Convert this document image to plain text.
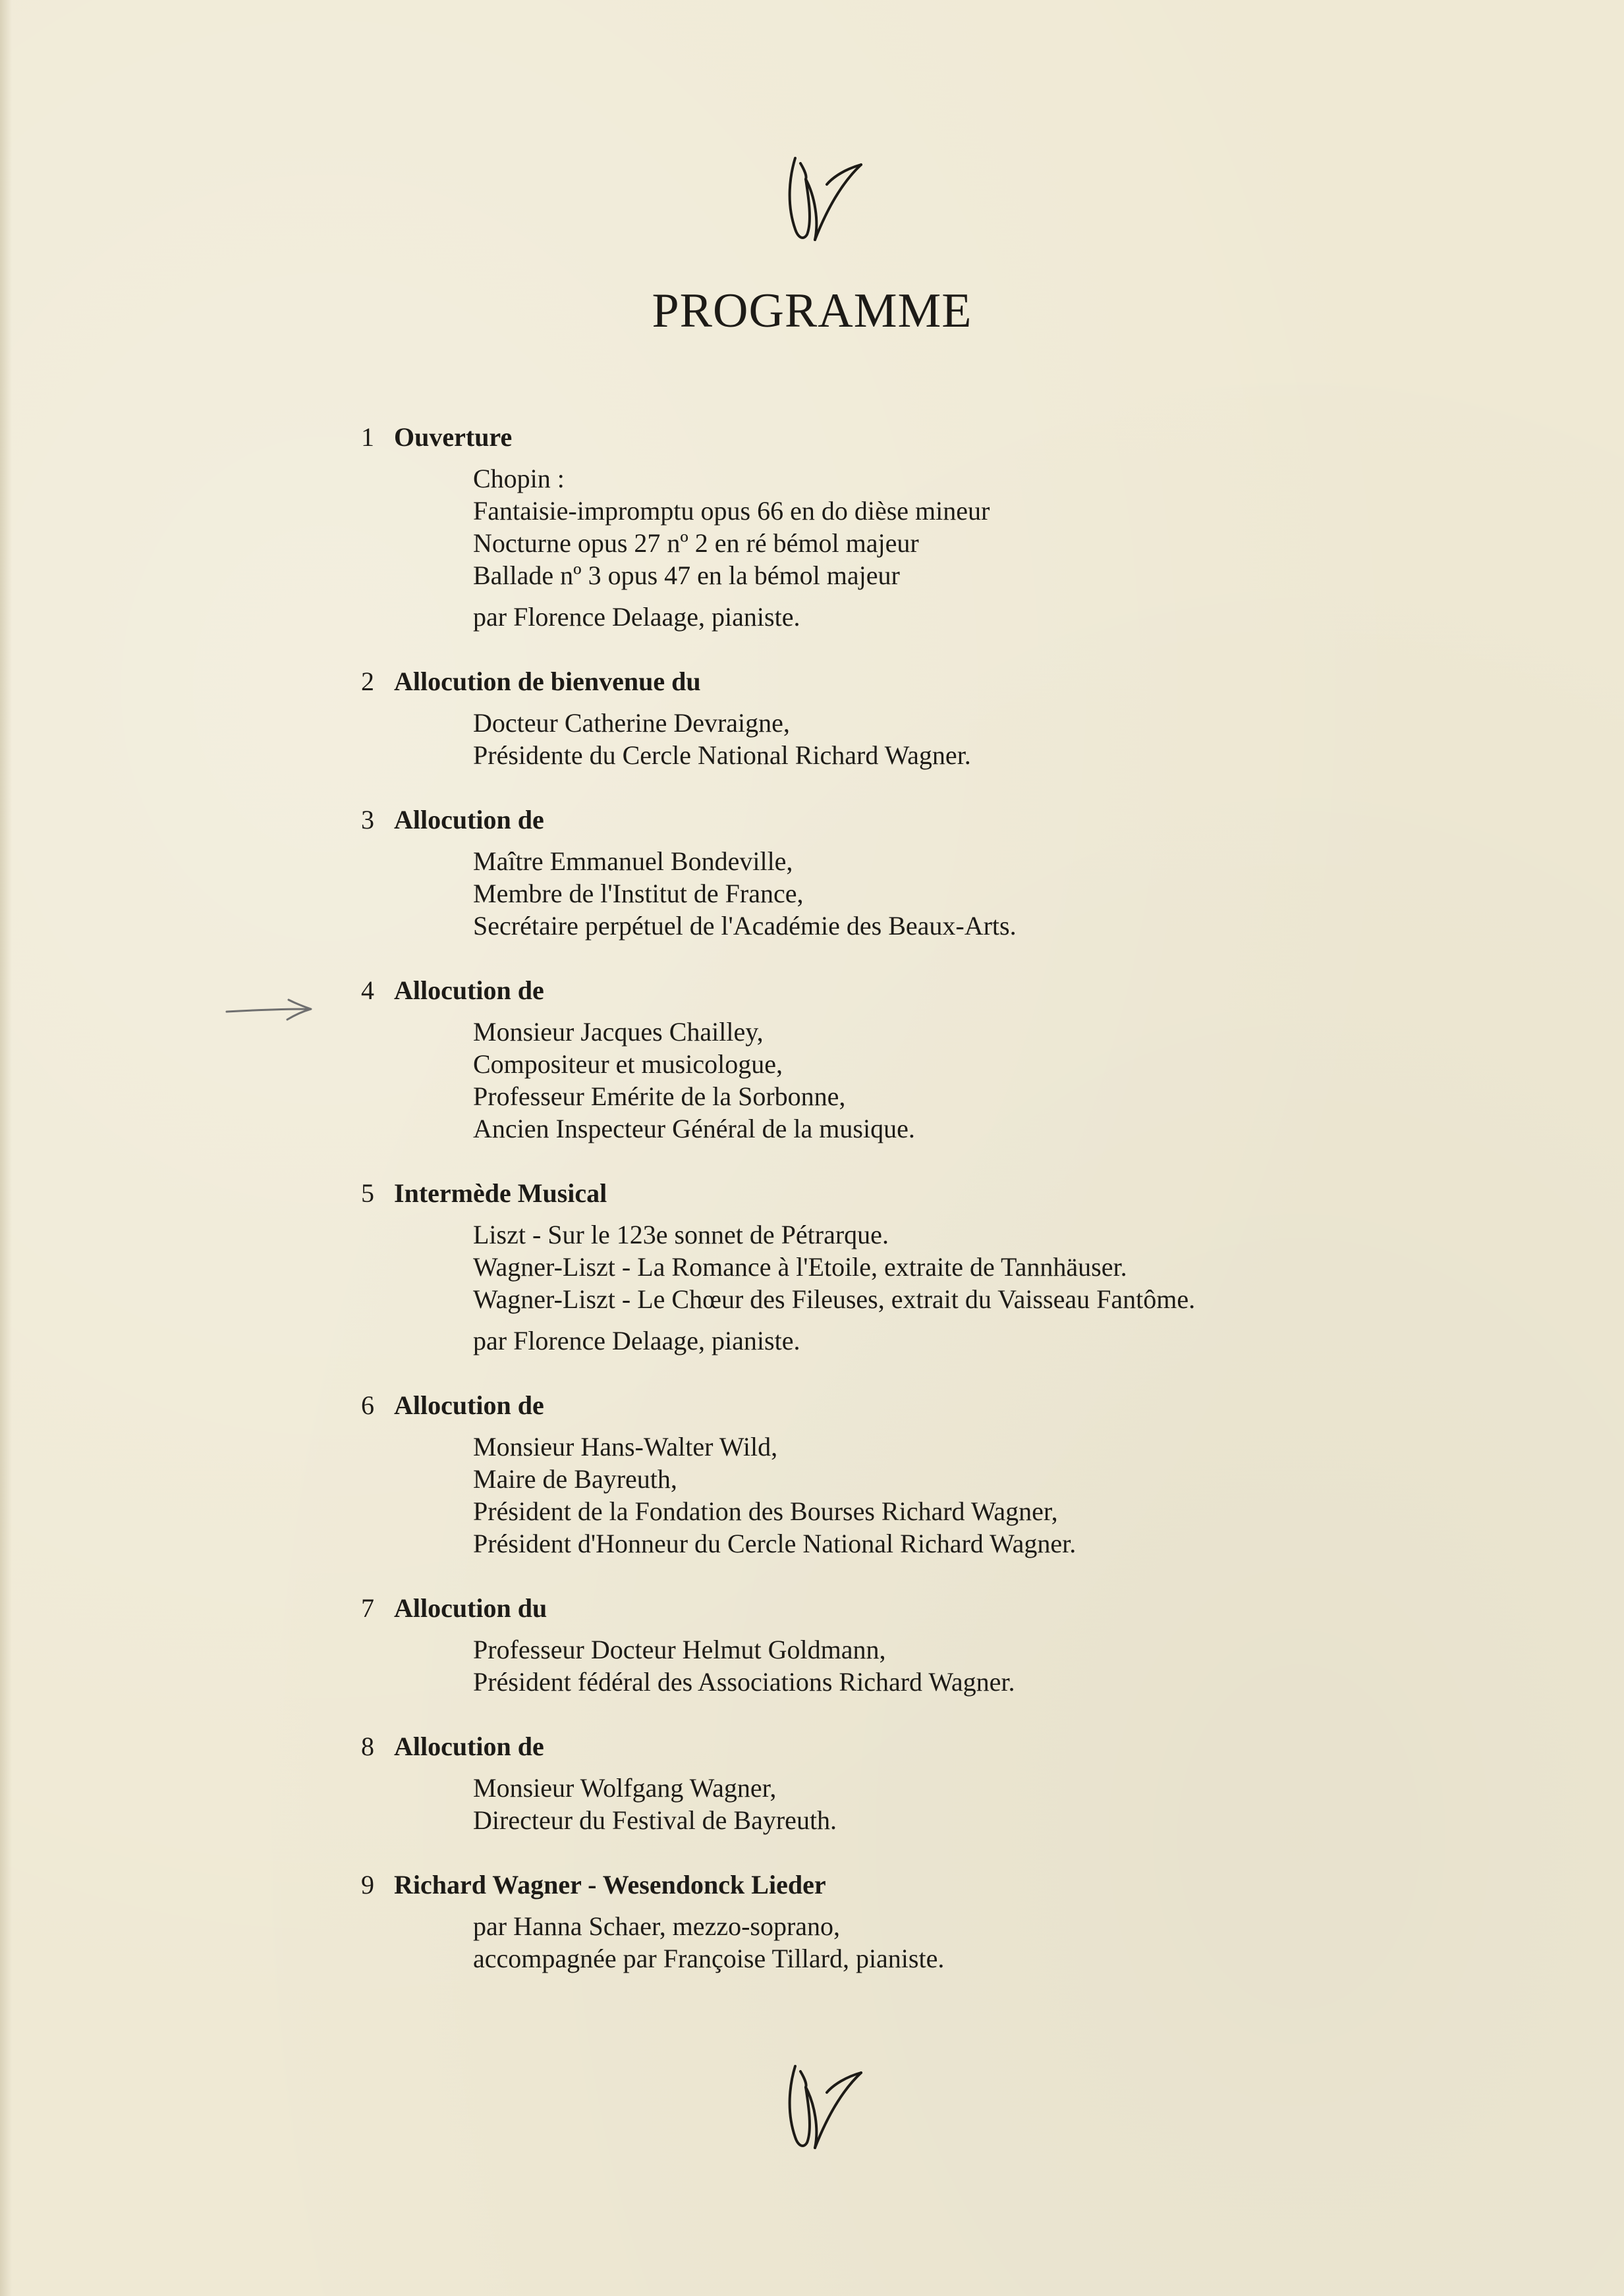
PROGRAMME
1 Ouverture
Chopin :
Fantaisie-impromptu opus 66 en do dièse mineur
Nocturne opus 27 nº 2 en ré bémol majeur
Ballade nº 3 opus 47 en la bémol majeur
par Florence Delaage, pianiste.
2 Allocution de bienvenue du
Docteur Catherine Devraigne,
Présidente du Cercle National Richard Wagner.
3 Allocution de
Maître Emmanuel Bondeville,
Membre de l'Institut de France,
Secrétaire perpétuel de l'Académie des Beaux-Arts.
4 Allocution de
Monsieur Jacques Chailley,
Compositeur et musicologue,
Professeur Emérite de la Sorbonne,
Ancien Inspecteur Général de la musique.
5 Intermède Musical
Liszt - Sur le 123e sonnet de Pétrarque.
Wagner-Liszt - La Romance à l'Etoile, extraite de Tannhäuser.
Wagner-Liszt - Le Chœur des Fileuses, extrait du Vaisseau Fantôme.
par Florence Delaage, pianiste.
6 Allocution de
Monsieur Hans-Walter Wild,
Maire de Bayreuth,
Président de la Fondation des Bourses Richard Wagner,
Président d'Honneur du Cercle National Richard Wagner.
7 Allocution du
Professeur Docteur Helmut Goldmann,
Président fédéral des Associations Richard Wagner.
8 Allocution de
Monsieur Wolfgang Wagner,
Directeur du Festival de Bayreuth.
9 Richard Wagner - Wesendonck Lieder
par Hanna Schaer, mezzo-soprano,
accompagnée par Françoise Tillard, pianiste.
